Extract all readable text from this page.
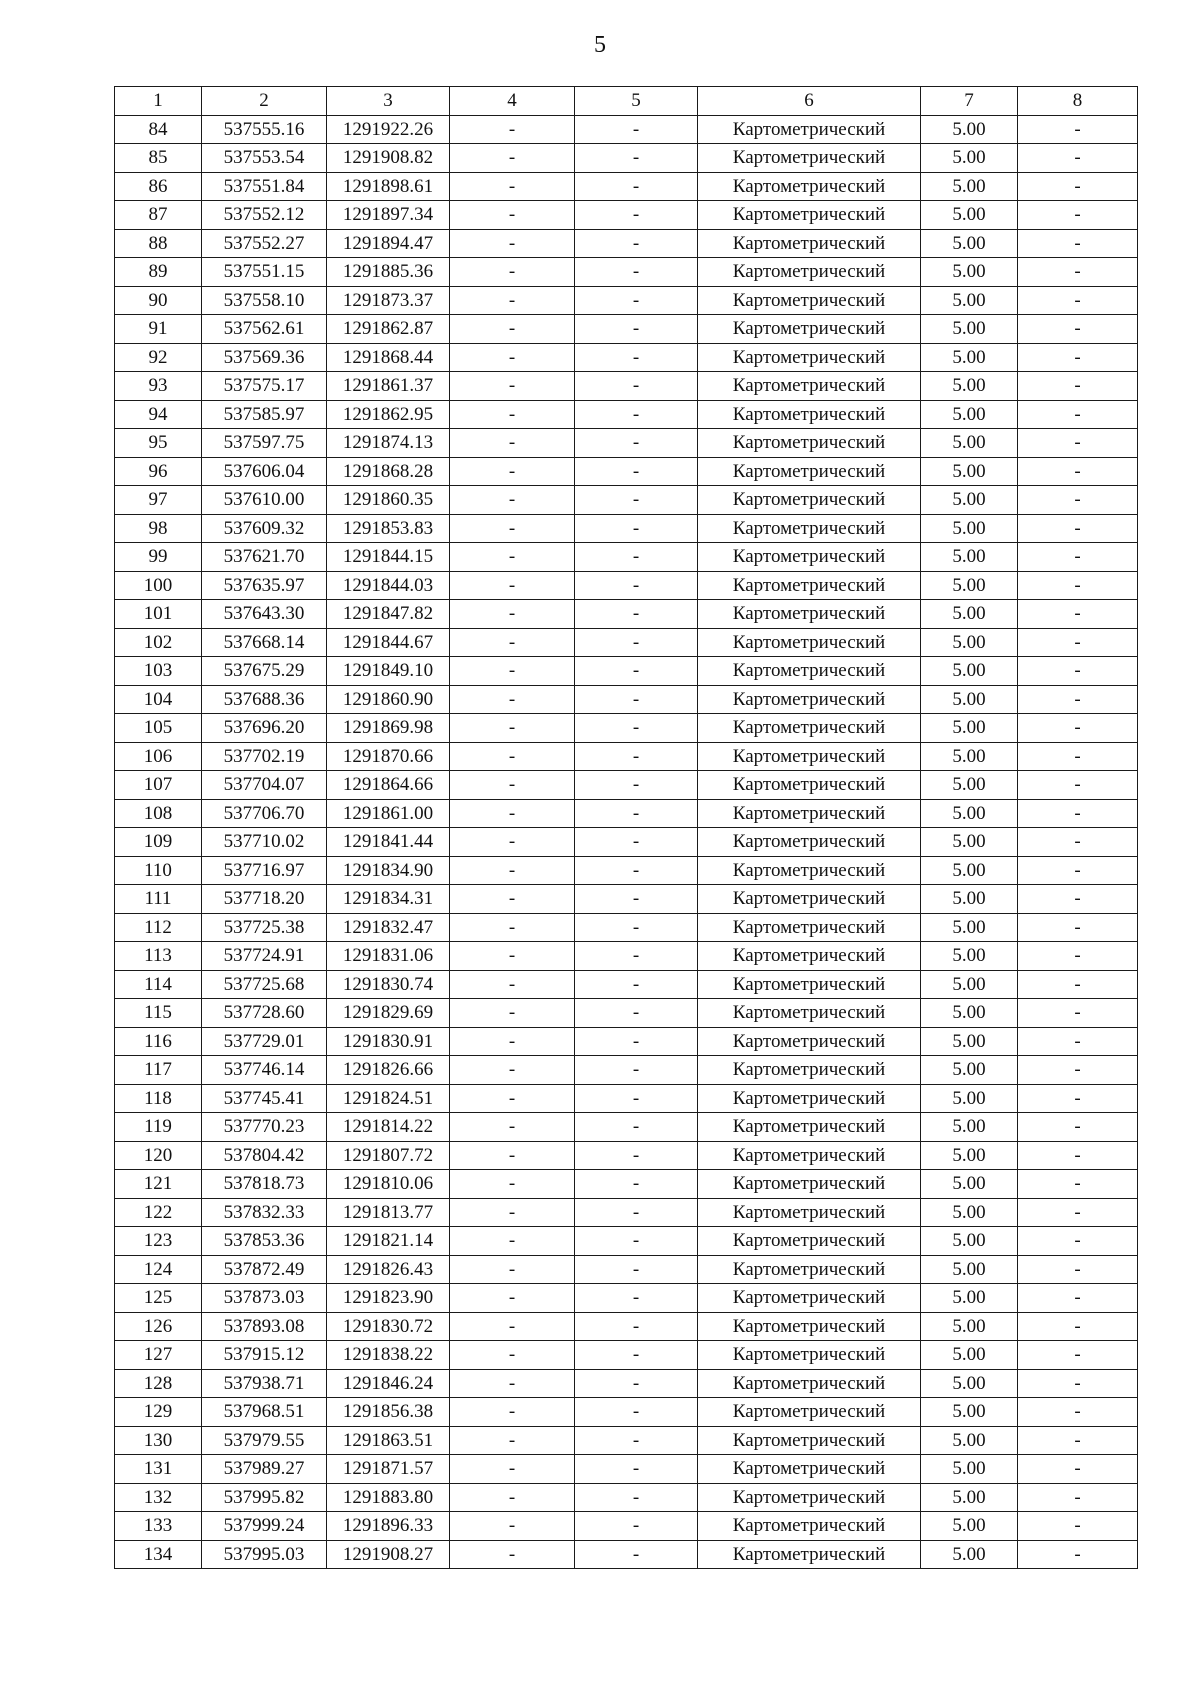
5
1	2	3	4	5	6	7	8
84	537555.16	1291922.26	-	-	Картометрический	5.00	-
85	537553.54	1291908.82	-	-	Картометрический	5.00	-
86	537551.84	1291898.61	-	-	Картометрический	5.00	-
87	537552.12	1291897.34	-	-	Картометрический	5.00	-
88	537552.27	1291894.47	-	-	Картометрический	5.00	-
89	537551.15	1291885.36	-	-	Картометрический	5.00	-
90	537558.10	1291873.37	-	-	Картометрический	5.00	-
91	537562.61	1291862.87	-	-	Картометрический	5.00	-
92	537569.36	1291868.44	-	-	Картометрический	5.00	-
93	537575.17	1291861.37	-	-	Картометрический	5.00	-
94	537585.97	1291862.95	-	-	Картометрический	5.00	-
95	537597.75	1291874.13	-	-	Картометрический	5.00	-
96	537606.04	1291868.28	-	-	Картометрический	5.00	-
97	537610.00	1291860.35	-	-	Картометрический	5.00	-
98	537609.32	1291853.83	-	-	Картометрический	5.00	-
99	537621.70	1291844.15	-	-	Картометрический	5.00	-
100	537635.97	1291844.03	-	-	Картометрический	5.00	-
101	537643.30	1291847.82	-	-	Картометрический	5.00	-
102	537668.14	1291844.67	-	-	Картометрический	5.00	-
103	537675.29	1291849.10	-	-	Картометрический	5.00	-
104	537688.36	1291860.90	-	-	Картометрический	5.00	-
105	537696.20	1291869.98	-	-	Картометрический	5.00	-
106	537702.19	1291870.66	-	-	Картометрический	5.00	-
107	537704.07	1291864.66	-	-	Картометрический	5.00	-
108	537706.70	1291861.00	-	-	Картометрический	5.00	-
109	537710.02	1291841.44	-	-	Картометрический	5.00	-
110	537716.97	1291834.90	-	-	Картометрический	5.00	-
111	537718.20	1291834.31	-	-	Картометрический	5.00	-
112	537725.38	1291832.47	-	-	Картометрический	5.00	-
113	537724.91	1291831.06	-	-	Картометрический	5.00	-
114	537725.68	1291830.74	-	-	Картометрический	5.00	-
115	537728.60	1291829.69	-	-	Картометрический	5.00	-
116	537729.01	1291830.91	-	-	Картометрический	5.00	-
117	537746.14	1291826.66	-	-	Картометрический	5.00	-
118	537745.41	1291824.51	-	-	Картометрический	5.00	-
119	537770.23	1291814.22	-	-	Картометрический	5.00	-
120	537804.42	1291807.72	-	-	Картометрический	5.00	-
121	537818.73	1291810.06	-	-	Картометрический	5.00	-
122	537832.33	1291813.77	-	-	Картометрический	5.00	-
123	537853.36	1291821.14	-	-	Картометрический	5.00	-
124	537872.49	1291826.43	-	-	Картометрический	5.00	-
125	537873.03	1291823.90	-	-	Картометрический	5.00	-
126	537893.08	1291830.72	-	-	Картометрический	5.00	-
127	537915.12	1291838.22	-	-	Картометрический	5.00	-
128	537938.71	1291846.24	-	-	Картометрический	5.00	-
129	537968.51	1291856.38	-	-	Картометрический	5.00	-
130	537979.55	1291863.51	-	-	Картометрический	5.00	-
131	537989.27	1291871.57	-	-	Картометрический	5.00	-
132	537995.82	1291883.80	-	-	Картометрический	5.00	-
133	537999.24	1291896.33	-	-	Картометрический	5.00	-
134	537995.03	1291908.27	-	-	Картометрический	5.00	-
